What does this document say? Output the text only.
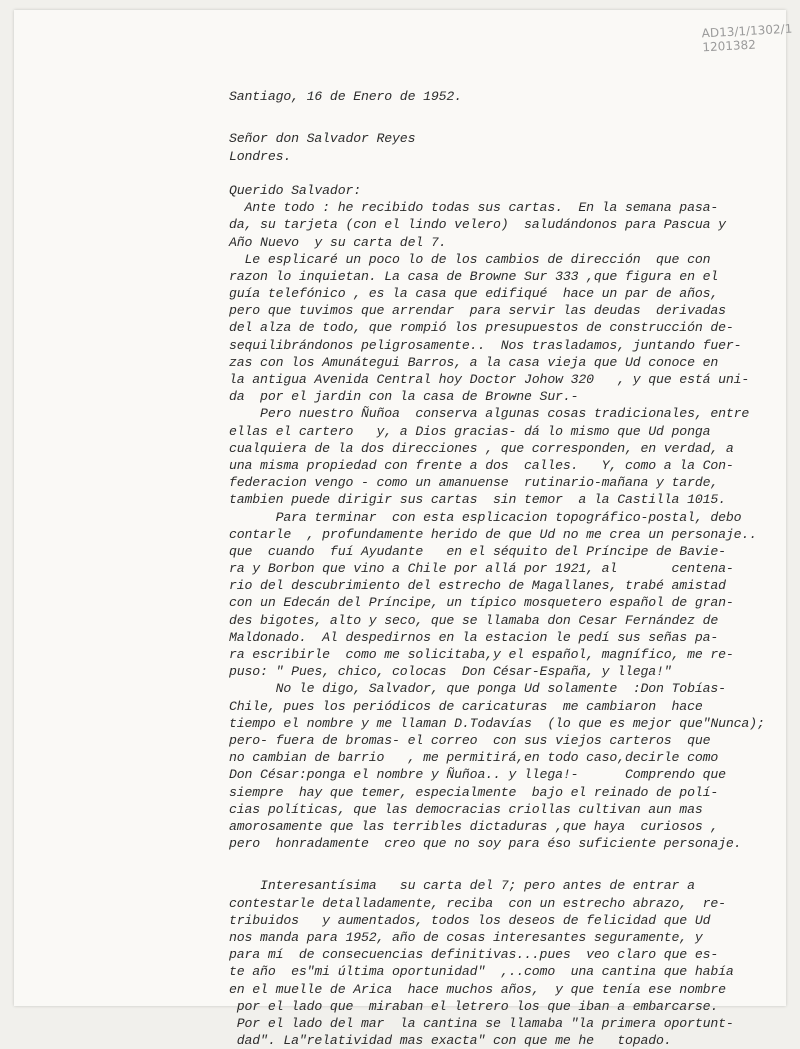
AD13/1/1302/1
1201382
Santiago, 16 de Enero de 1952.
Señor don Salvador Reyes
Londres.
Querido Salvador:
Ante todo : he recibido todas sus cartas.  En la semana pasa-
da, su tarjeta (con el lindo velero)  saludándonos para Pascua y
Año Nuevo  y su carta del 7.
Le esplicaré un poco lo de los cambios de dirección  que con
razon lo inquietan. La casa de Browne Sur 333 ,que figura en el
guía telefónico , es la casa que edifiqué  hace un par de años,
pero que tuvimos que arrendar  para servir las deudas  derivadas
del alza de todo, que rompió los presupuestos de construcción de-
sequilibrándonos peligrosamente..  Nos trasladamos, juntando fuer-
zas con los Amunátegui Barros, a la casa vieja que Ud conoce en
la antigua Avenida Central hoy Doctor Johow 320   , y que está uni-
da  por el jardin con la casa de Browne Sur.-
Pero nuestro Ñuñoa  conserva algunas cosas tradicionales, entre
ellas el cartero   y, a Dios gracias- dá lo mismo que Ud ponga
cualquiera de la dos direcciones , que corresponden, en verdad, a
una misma propiedad con frente a dos  calles.   Y, como a la Con-
federacion vengo - como un amanuense  rutinario-mañana y tarde,
tambien puede dirigir sus cartas  sin temor  a la Castilla 1015.
Para terminar  con esta esplicacion topográfico-postal, debo
contarle  , profundamente herido de que Ud no me crea un personaje..
que  cuando  fuí Ayudante   en el séquito del Príncipe de Bavie-
ra y Borbon que vino a Chile por allá por 1921, al       centena-
rio del descubrimiento del estrecho de Magallanes, trabé amistad
con un Edecán del Príncipe, un típico mosquetero español de gran-
des bigotes, alto y seco, que se llamaba don Cesar Fernández de
Maldonado.  Al despedirnos en la estacion le pedí sus señas pa-
ra escribirle  como me solicitaba,y el español, magnífico, me re-
puso: " Pues, chico, colocas  Don César-España, y llega!"
No le digo, Salvador, que ponga Ud solamente  :Don Tobías-
Chile, pues los periódicos de caricaturas  me cambiaron  hace
tiempo el nombre y me llaman D.Todavías  (lo que es mejor que"Nunca);
pero- fuera de bromas- el correo  con sus viejos carteros  que
no cambian de barrio   , me permitirá,en todo caso,decirle como
Don César:ponga el nombre y Ñuñoa.. y llega!-      Comprendo que
siempre  hay que temer, especialmente  bajo el reinado de polí-
cias políticas, que las democracias criollas cultivan aun mas
amorosamente que las terribles dictaduras ,que haya  curiosos ,
pero  honradamente  creo que no soy para éso suficiente personaje.
Interesantísima   su carta del 7; pero antes de entrar a
contestarle detalladamente, reciba  con un estrecho abrazo,  re-
tribuidos   y aumentados, todos los deseos de felicidad que Ud
nos manda para 1952, año de cosas interesantes seguramente, y
para mí  de consecuencias definitivas...pues  veo claro que es-
te año  es"mi última oportunidad"  ,..como  una cantina que había
en el muelle de Arica  hace muchos años,  y que tenía ese nombre
por el lado que  miraban el letrero los que iban a embarcarse.
Por el lado del mar  la cantina se llamaba "la primera oportunt-
dad". La"relatividad mas exacta" con que me he   topado.
